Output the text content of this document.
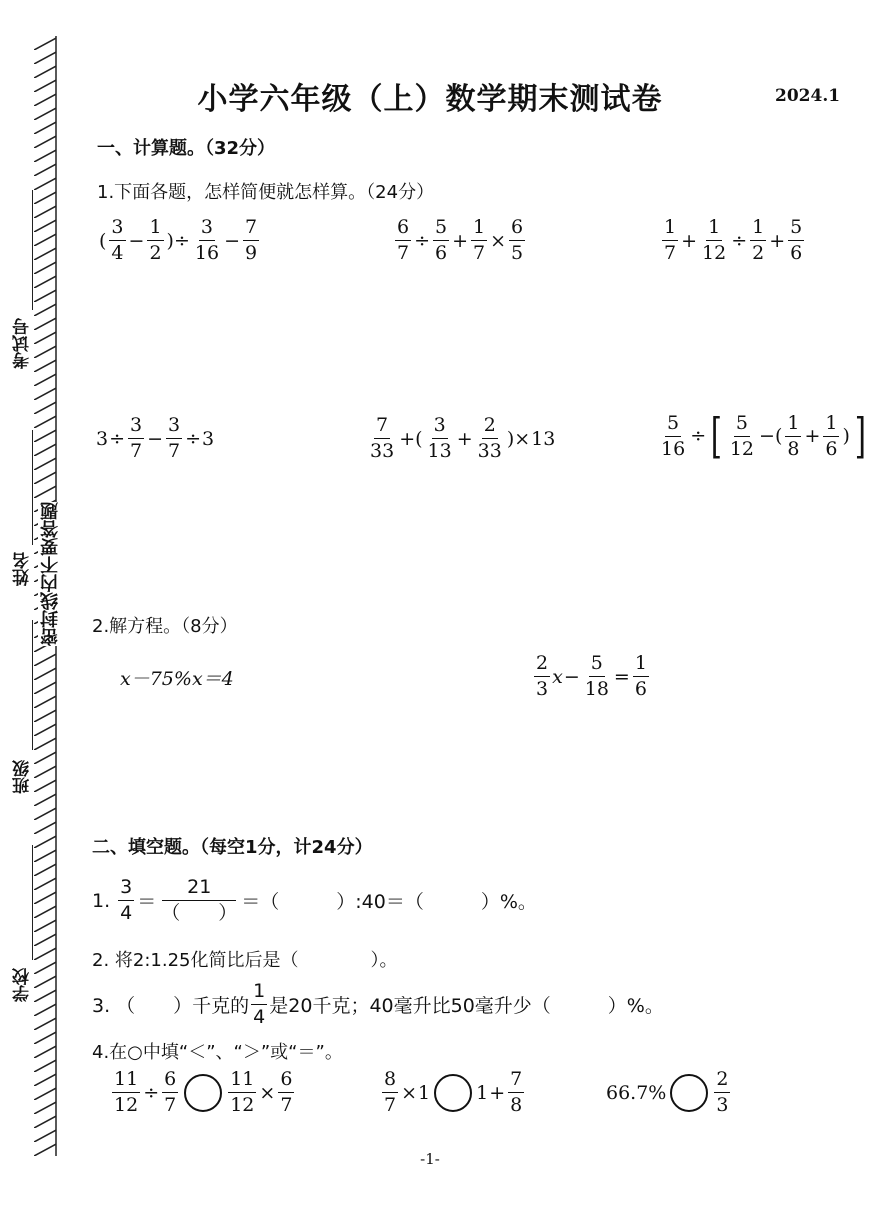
考试号
姓名
班级
学校
密封线内不要答题
小学六年级（上）数学期末测试卷	2024.1
一、计算题。（32分）
1.下面各题，怎样简便就怎样算。（24分）
(
3
4
− $\frac{1}{2}$ )÷ $\frac{3}{16} - \frac{7}{9}$	$\frac{6}{7} \div \frac{5}{6} + \frac{1}{7} \times \frac{6}{5}$	1
7
+ $\frac{1}{12} \div \frac{1}{2} + \frac{5}{6}$
$3 \div \frac{3}{7} - \frac{3}{7} \div 3$
7
33
+(
3
13
+ $\frac{2}{33}$ )× 13	$\frac{5}{16}$ ÷ [ 5
12
−(
1
8
+ $\frac{1}{6}$ ) ]
2.解方程。（8分）
x－75%x＝4
2
3
$x - \frac{5}{18} = \frac{1}{6}$
二、填空题。（每空1分，计24分）
1.
3
4 ＝
21
（　　） ＝（　　　）:40＝（　　　）%。
2. 将2:1.25化简比后是（　　　　）。
3. （　　）千克的
1
4 是20千克；40毫升比50毫升少（　　　）%。
4.在○中填“＜”、“＞”或“＝”。
$\frac{11}{12} \div \frac{6}{7}$	$\frac{11}{12} \times \frac{6}{7}$	$\frac{8}{7} \times 1$ $1 + \frac{7}{8}$	66.7%
2
3
-1-
